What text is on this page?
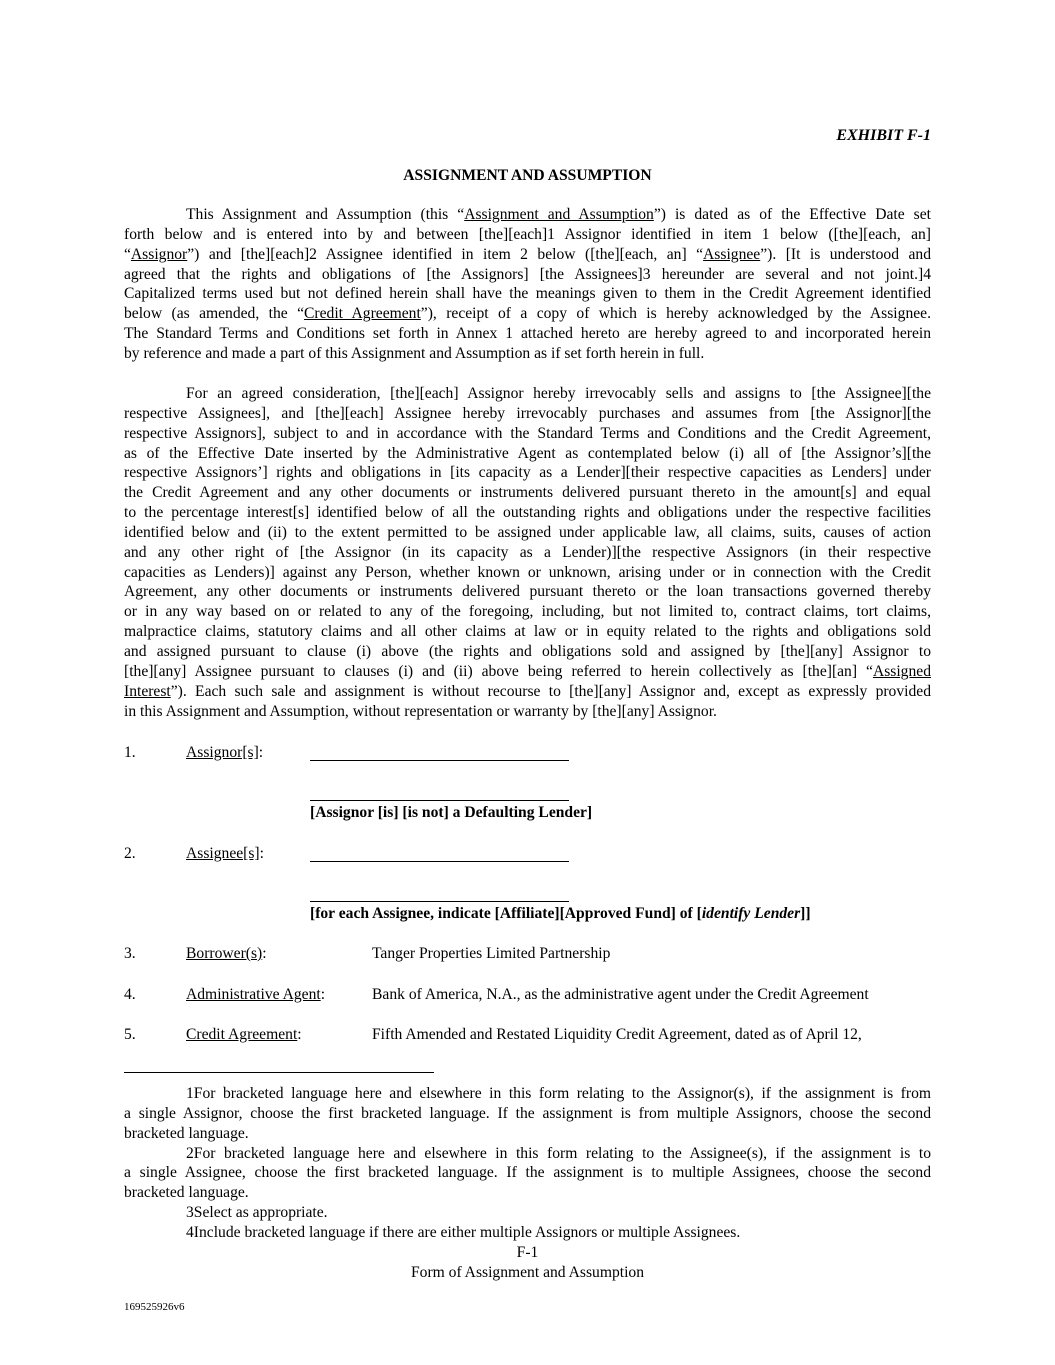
EXHIBIT F-1
ASSIGNMENT AND ASSUMPTION
This Assignment and Assumption (this “Assignment and Assumption”) is dated as of the Effective Date set
forth below and is entered into by and between [the][each]1 Assignor identified in item 1 below ([the][each, an]
“Assignor”) and [the][each]2 Assignee identified in item 2 below ([the][each, an] “Assignee”). [It is understood and
agreed that the rights and obligations of [the Assignors] [the Assignees]3 hereunder are several and not joint.]4
Capitalized terms used but not defined herein shall have the meanings given to them in the Credit Agreement identified
below (as amended, the “Credit Agreement”), receipt of a copy of which is hereby acknowledged by the Assignee.
The Standard Terms and Conditions set forth in Annex 1 attached hereto are hereby agreed to and incorporated herein
by reference and made a part of this Assignment and Assumption as if set forth herein in full.
For an agreed consideration, [the][each] Assignor hereby irrevocably sells and assigns to [the Assignee][the
respective Assignees], and [the][each] Assignee hereby irrevocably purchases and assumes from [the Assignor][the
respective Assignors], subject to and in accordance with the Standard Terms and Conditions and the Credit Agreement,
as of the Effective Date inserted by the Administrative Agent as contemplated below (i) all of [the Assignor’s][the
respective Assignors’] rights and obligations in [its capacity as a Lender][their respective capacities as Lenders] under
the Credit Agreement and any other documents or instruments delivered pursuant thereto in the amount[s] and equal
to the percentage interest[s] identified below of all the outstanding rights and obligations under the respective facilities
identified below and (ii) to the extent permitted to be assigned under applicable law, all claims, suits, causes of action
and any other right of [the Assignor (in its capacity as a Lender)][the respective Assignors (in their respective
capacities as Lenders)] against any Person, whether known or unknown, arising under or in connection with the Credit
Agreement, any other documents or instruments delivered pursuant thereto or the loan transactions governed thereby
or in any way based on or related to any of the foregoing, including, but not limited to, contract claims, tort claims,
malpractice claims, statutory claims and all other claims at law or in equity related to the rights and obligations sold
and assigned pursuant to clause (i) above (the rights and obligations sold and assigned by [the][any] Assignor to
[the][any] Assignee pursuant to clauses (i) and (ii) above being referred to herein collectively as [the][an] “Assigned
Interest”). Each such sale and assignment is without recourse to [the][any] Assignor and, except as expressly provided
in this Assignment and Assumption, without representation or warranty by [the][any] Assignor.
1.	Assignor[s]:
[Assignor [is] [is not] a Defaulting Lender]
2.	Assignee[s]:
[for each Assignee, indicate [Affiliate][Approved Fund] of [identify Lender]]
3.	Borrower(s):	Tanger Properties Limited Partnership
4.	Administrative Agent:	Bank of America, N.A., as the administrative agent under the Credit Agreement
5.	Credit Agreement:	Fifth Amended and Restated Liquidity Credit Agreement, dated as of April 12,
1For bracketed language here and elsewhere in this form relating to the Assignor(s), if the assignment is from
a single Assignor, choose the first bracketed language. If the assignment is from multiple Assignors, choose the second
bracketed language.
2For bracketed language here and elsewhere in this form relating to the Assignee(s), if the assignment is to
a single Assignee, choose the first bracketed language. If the assignment is to multiple Assignees, choose the second
bracketed language.
3Select as appropriate.
4Include bracketed language if there are either multiple Assignors or multiple Assignees.
F-1
Form of Assignment and Assumption
169525926v6
